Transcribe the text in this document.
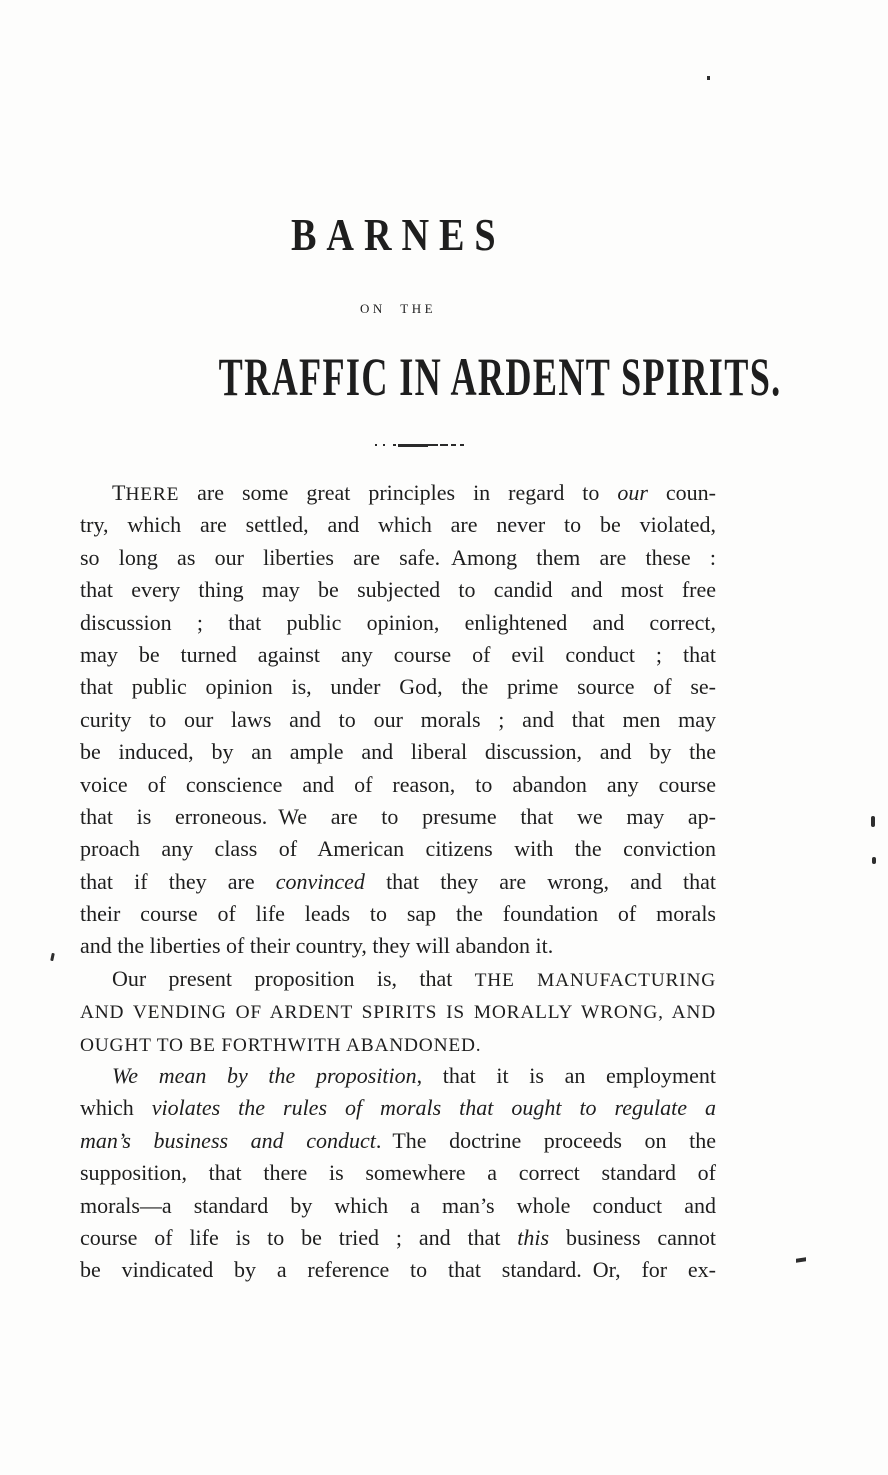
BARNES
ON THE
TRAFFIC IN ARDENT SPIRITS.
THERE are some great principles in regard to our coun-
try, which are settled, and which are never to be violated,
so long as our liberties are safe. Among them are these :
that every thing may be subjected to candid and most free
discussion ; that public opinion, enlightened and correct,
may be turned against any course of evil conduct ; that
that public opinion is, under God, the prime source of se-
curity to our laws and to our morals ; and that men may
be induced, by an ample and liberal discussion, and by the
voice of conscience and of reason, to abandon any course
that is erroneous. We are to presume that we may ap-
proach any class of American citizens with the conviction
that if they are convinced that they are wrong, and that
their course of life leads to sap the foundation of morals
and the liberties of their country, they will abandon it.
Our present proposition is, that THE MANUFACTURING
AND VENDING OF ARDENT SPIRITS IS MORALLY WRONG, AND
OUGHT TO BE FORTHWITH ABANDONED.
We mean by the proposition, that it is an employment
which violates the rules of morals that ought to regulate a
man’s business and conduct. The doctrine proceeds on the
supposition, that there is somewhere a correct standard of
morals—a standard by which a man’s whole conduct and
course of life is to be tried ; and that this business cannot
be vindicated by a reference to that standard. Or, for ex-
